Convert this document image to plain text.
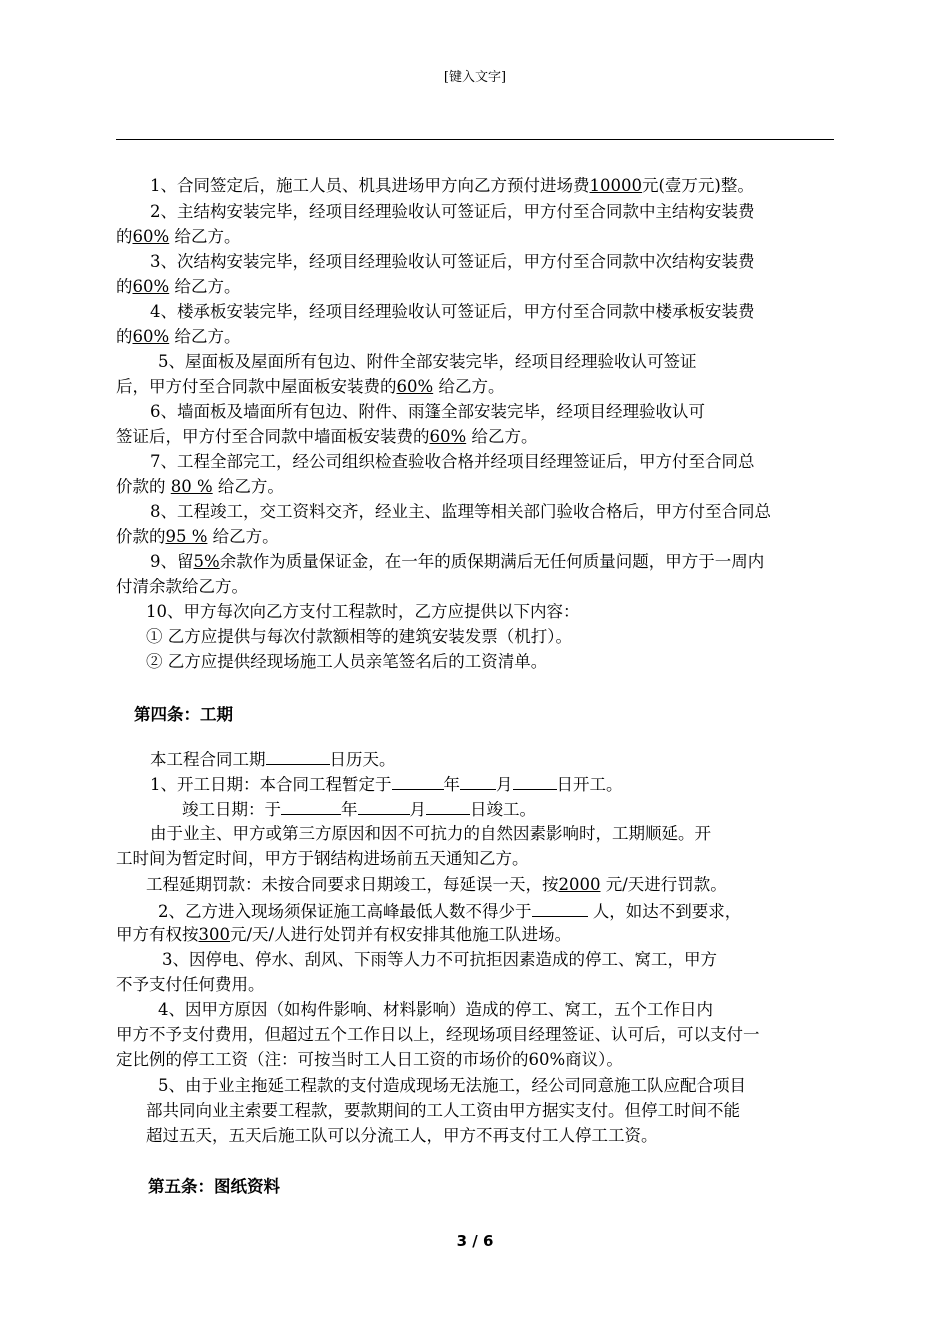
[键入文字]
1、合同签定后，施工人员、机具进场甲方向乙方预付进场费10000元(壹万元)整。
2、主结构安装完毕，经项目经理验收认可签证后，甲方付至合同款中主结构安装费
的60% 给乙方。
3、次结构安装完毕，经项目经理验收认可签证后，甲方付至合同款中次结构安装费
的60% 给乙方。
4、楼承板安装完毕，经项目经理验收认可签证后，甲方付至合同款中楼承板安装费
的60% 给乙方。
5、屋面板及屋面所有包边、附件全部安装完毕，经项目经理验收认可签证
后，甲方付至合同款中屋面板安装费的60% 给乙方。
6、墙面板及墙面所有包边、附件、雨篷全部安装完毕，经项目经理验收认可
签证后，甲方付至合同款中墙面板安装费的60% 给乙方。
7、工程全部完工，经公司组织检查验收合格并经项目经理签证后，甲方付至合同总
价款的 80 % 给乙方。
8、工程竣工，交工资料交齐，经业主、监理等相关部门验收合格后，甲方付至合同总
价款的95 % 给乙方。
9、留5%余款作为质量保证金，在一年的质保期满后无任何质量问题，甲方于一周内
付清余款给乙方。
10、甲方每次向乙方支付工程款时，乙方应提供以下内容：
① 乙方应提供与每次付款额相等的建筑安装发票（机打）。
② 乙方应提供经现场施工人员亲笔签名后的工资清单。
第四条：工期
本工程合同工期	日历天。
1、开工日期：本合同工程暂定于	年 月	日开工。
竣工日期：于	年	月	日竣工。
由于业主、甲方或第三方原因和因不可抗力的自然因素影响时，工期顺延。开
工时间为暂定时间，甲方于钢结构进场前五天通知乙方。
工程延期罚款：未按合同要求日期竣工，每延误一天，按2000 元/天进行罚款。
2、乙方进入现场须保证施工高峰最低人数不得少于	人，如达不到要求，
甲方有权按300元/天/人进行处罚并有权安排其他施工队进场。
3、因停电、停水、刮风、下雨等人力不可抗拒因素造成的停工、窝工，甲方
不予支付任何费用。
4、因甲方原因（如构件影响、材料影响）造成的停工、窝工，五个工作日内
甲方不予支付费用，但超过五个工作日以上，经现场项目经理签证、认可后，可以支付一
定比例的停工工资（注：可按当时工人日工资的市场价的60%商议）。
5、由于业主拖延工程款的支付造成现场无法施工，经公司同意施工队应配合项目
部共同向业主索要工程款，要款期间的工人工资由甲方据实支付。但停工时间不能
超过五天，五天后施工队可以分流工人，甲方不再支付工人停工工资。
第五条：图纸资料
3 / 6
